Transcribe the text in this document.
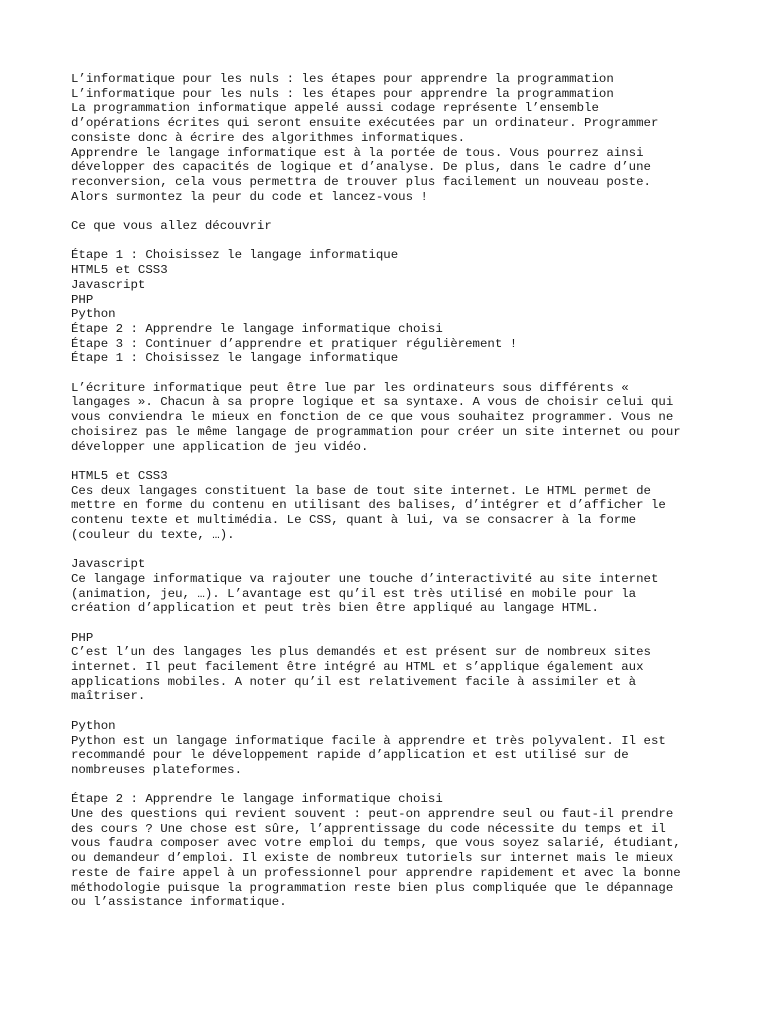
L’informatique pour les nuls : les étapes pour apprendre la programmation
L’informatique pour les nuls : les étapes pour apprendre la programmation
La programmation informatique appelé aussi codage représente l’ensemble
d’opérations écrites qui seront ensuite exécutées par un ordinateur. Programmer
consiste donc à écrire des algorithmes informatiques.
Apprendre le langage informatique est à la portée de tous. Vous pourrez ainsi
développer des capacités de logique et d’analyse. De plus, dans le cadre d’une
reconversion, cela vous permettra de trouver plus facilement un nouveau poste.
Alors surmontez la peur du code et lancez-vous !
Ce que vous allez découvrir
Étape 1 : Choisissez le langage informatique
HTML5 et CSS3
Javascript
PHP
Python
Étape 2 : Apprendre le langage informatique choisi
Étape 3 : Continuer d’apprendre et pratiquer régulièrement !
Étape 1 : Choisissez le langage informatique
L’écriture informatique peut être lue par les ordinateurs sous différents «
langages ». Chacun à sa propre logique et sa syntaxe. A vous de choisir celui qui
vous conviendra le mieux en fonction de ce que vous souhaitez programmer. Vous ne
choisirez pas le même langage de programmation pour créer un site internet ou pour
développer une application de jeu vidéo.
HTML5 et CSS3
Ces deux langages constituent la base de tout site internet. Le HTML permet de
mettre en forme du contenu en utilisant des balises, d’intégrer et d’afficher le
contenu texte et multimédia. Le CSS, quant à lui, va se consacrer à la forme
(couleur du texte, …).
Javascript
Ce langage informatique va rajouter une touche d’interactivité au site internet
(animation, jeu, …). L’avantage est qu’il est très utilisé en mobile pour la
création d’application et peut très bien être appliqué au langage HTML.
PHP
C’est l’un des langages les plus demandés et est présent sur de nombreux sites
internet. Il peut facilement être intégré au HTML et s’applique également aux
applications mobiles. A noter qu’il est relativement facile à assimiler et à
maîtriser.
Python
Python est un langage informatique facile à apprendre et très polyvalent. Il est
recommandé pour le développement rapide d’application et est utilisé sur de
nombreuses plateformes.
Étape 2 : Apprendre le langage informatique choisi
Une des questions qui revient souvent : peut-on apprendre seul ou faut-il prendre
des cours ? Une chose est sûre, l’apprentissage du code nécessite du temps et il
vous faudra composer avec votre emploi du temps, que vous soyez salarié, étudiant,
ou demandeur d’emploi. Il existe de nombreux tutoriels sur internet mais le mieux
reste de faire appel à un professionnel pour apprendre rapidement et avec la bonne
méthodologie puisque la programmation reste bien plus compliquée que le dépannage
ou l’assistance informatique.
